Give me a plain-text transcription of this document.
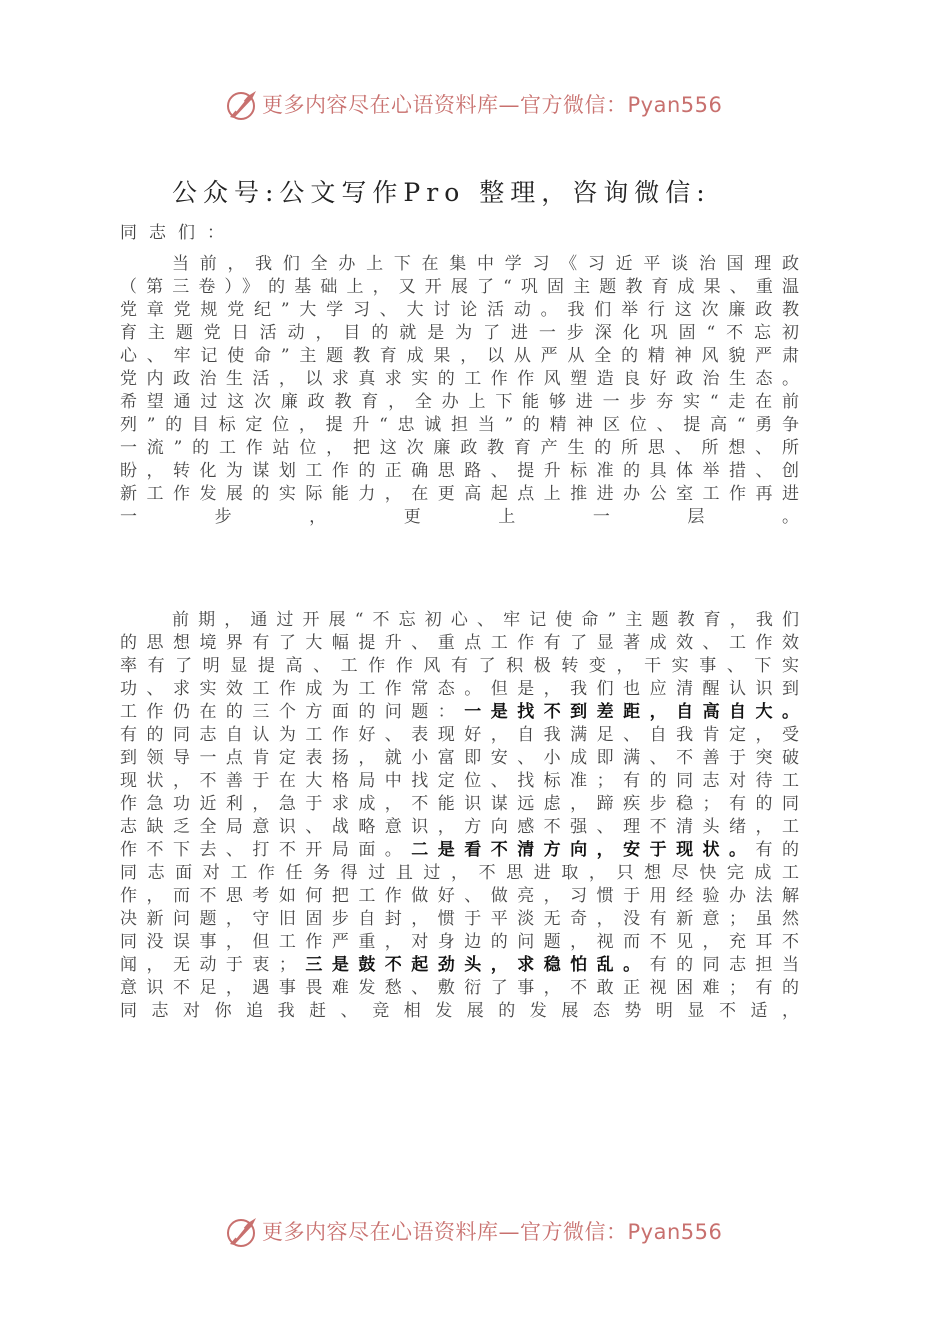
更多内容尽在心语资料库—官方微信：Pyan556
公众号:公文写作Pro 整理，咨询微信:
同志们：
当前，我们全办上下在集中学习《习近平谈治国理政（第三卷）》的基础上，又开展了“巩固主题教育成果、重温党章党规党纪”大学习、大讨论活动。我们举行这次廉政教育主题党日活动，目的就是为了进一步深化巩固“不忘初心、牢记使命”主题教育成果，以从严从全的精神风貌严肃党内政治生活，以求真求实的工作作风塑造良好政治生态。希望通过这次廉政教育，全办上下能够进一步夯实“走在前列”的目标定位，提升“忠诚担当”的精神区位、提高“勇争一流”的工作站位，把这次廉政教育产生的所思、所想、所盼，转化为谋划工作的正确思路、提升标准的具体举措、创新工作发展的实际能力，在更高起点上推进办公室工作再进一步，更上一层。
前期，通过开展“不忘初心、牢记使命”主题教育，我们的思想境界有了大幅提升、重点工作有了显著成效、工作效率有了明显提高、工作作风有了积极转变，干实事、下实功、求实效工作成为工作常态。但是，我们也应清醒认识到工作仍在的三个方面的问题：一是找不到差距，自高自大。有的同志自认为工作好、表现好，自我满足、自我肯定，受到领导一点肯定表扬，就小富即安、小成即满、不善于突破现状，不善于在大格局中找定位、找标准；有的同志对待工作急功近利，急于求成，不能识谋远虑，蹄疾步稳；有的同志缺乏全局意识、战略意识，方向感不强、理不清头绪，工作不下去、打不开局面。二是看不清方向，安于现状。有的同志面对工作任务得过且过，不思进取，只想尽快完成工作，而不思考如何把工作做好、做亮，习惯于用经验办法解决新问题，守旧固步自封，惯于平淡无奇，没有新意；虽然同没误事，但工作严重，对身边的问题，视而不见，充耳不闻，无动于衷；三是鼓不起劲头，求稳怕乱。有的同志担当意识不足，遇事畏难发愁、敷衍了事，不敢正视困难；有的同志对你追我赶、竞相发展的发展态势明显不适，
更多内容尽在心语资料库—官方微信：Pyan556
